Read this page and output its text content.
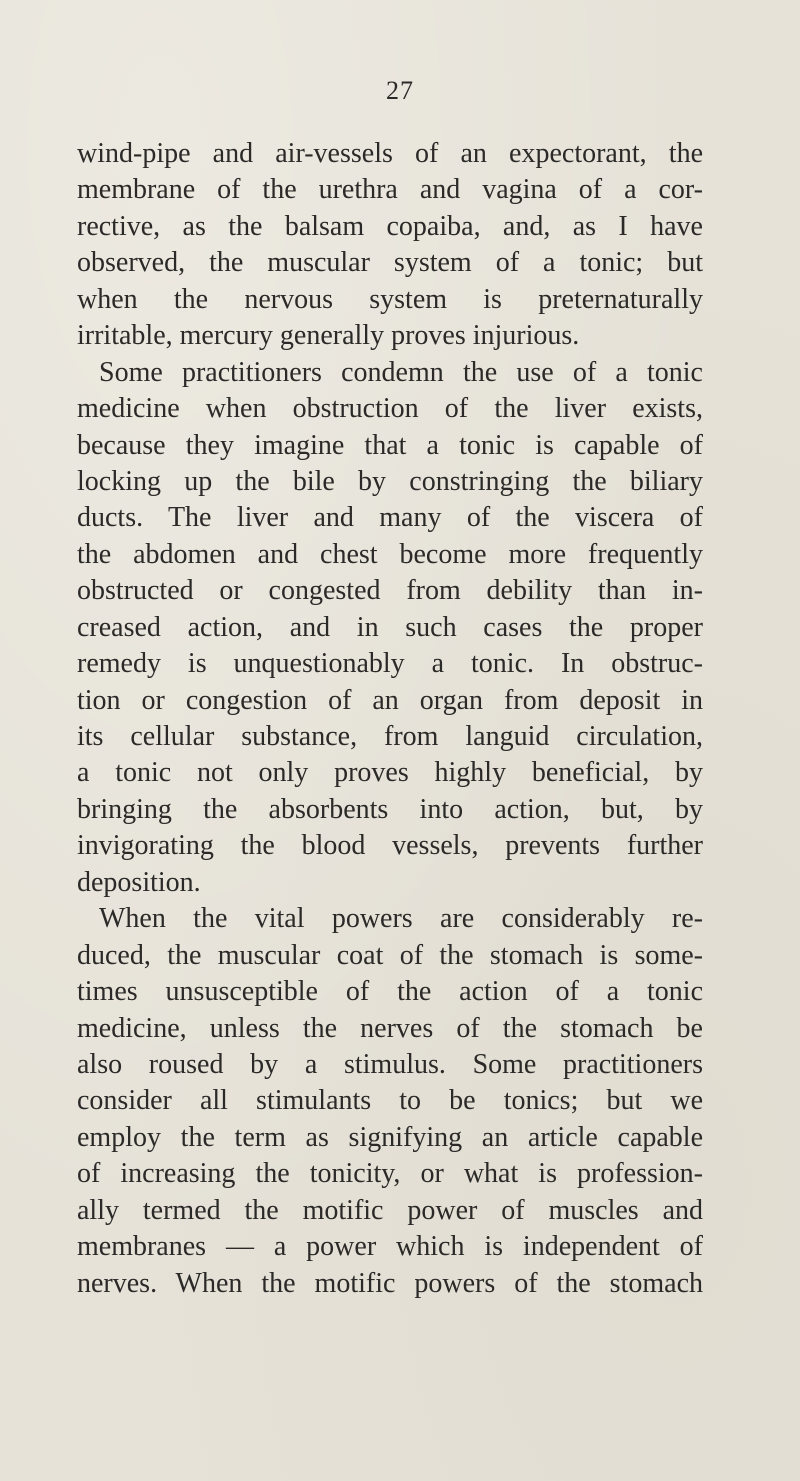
27
wind-pipe and air-vessels of an expectorant, the
membrane of the urethra and vagina of a cor-
rective, as the balsam copaiba, and, as I have
observed, the muscular system of a tonic; but
when the nervous system is preternaturally
irritable, mercury generally proves injurious.
Some practitioners condemn the use of a tonic
medicine when obstruction of the liver exists,
because they imagine that a tonic is capable of
locking up the bile by constringing the biliary
ducts. The liver and many of the viscera of
the abdomen and chest become more frequently
obstructed or congested from debility than in-
creased action, and in such cases the proper
remedy is unquestionably a tonic. In obstruc-
tion or congestion of an organ from deposit in
its cellular substance, from languid circulation,
a tonic not only proves highly beneficial, by
bringing the absorbents into action, but, by
invigorating the blood vessels, prevents further
deposition.
When the vital powers are considerably re-
duced, the muscular coat of the stomach is some-
times unsusceptible of the action of a tonic
medicine, unless the nerves of the stomach be
also roused by a stimulus. Some practitioners
consider all stimulants to be tonics; but we
employ the term as signifying an article capable
of increasing the tonicity, or what is profession-
ally termed the motific power of muscles and
membranes — a power which is independent of
nerves. When the motific powers of the stomach
